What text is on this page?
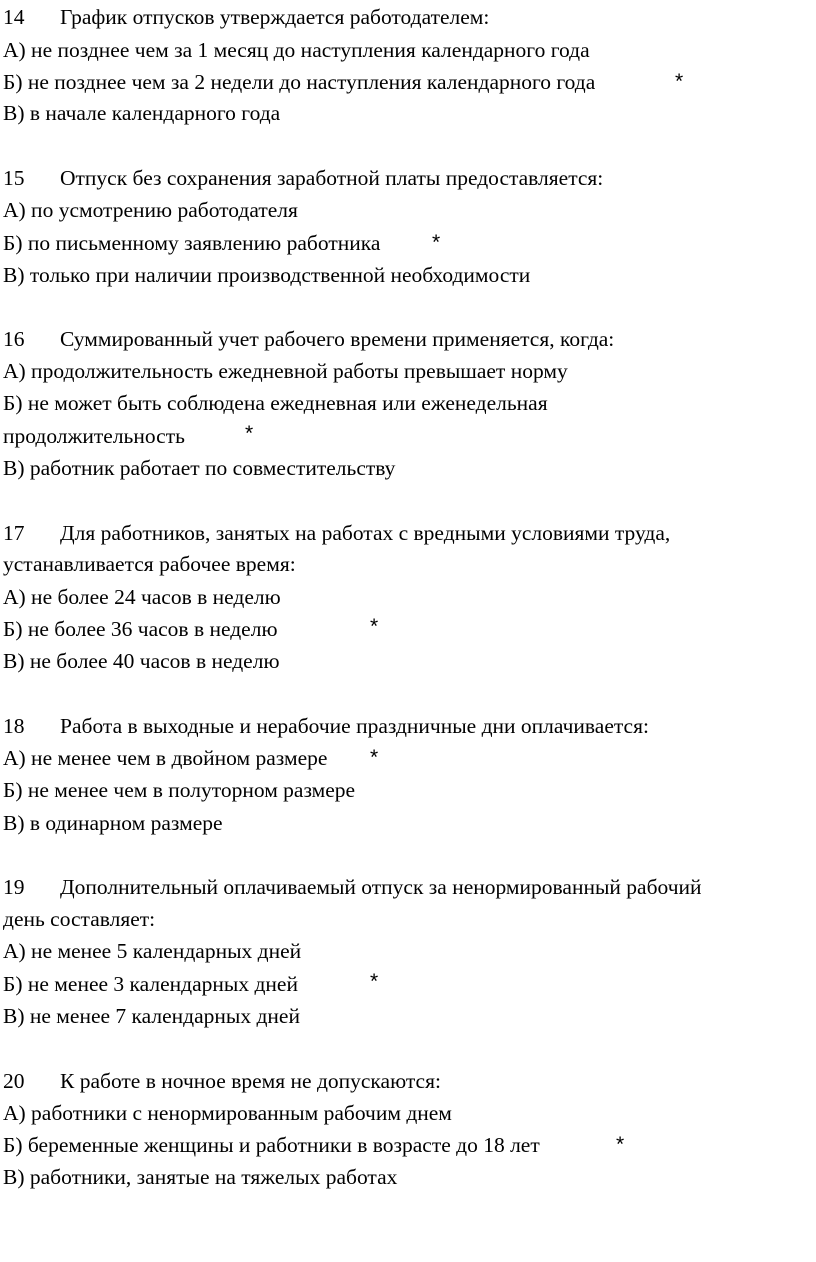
14 График отпусков утверждается работодателем:
А) не позднее чем за 1 месяц до наступления календарного года
Б) не позднее чем за 2 недели до наступления календарного года	*
В) в начале календарного года
15 Отпуск без сохранения заработной платы предоставляется:
А) по усмотрению работодателя
Б) по письменному заявлению работника *
В) только при наличии производственной необходимости
16 Суммированный учет рабочего времени применяется, когда:
А) продолжительность ежедневной работы превышает норму
Б) не может быть соблюдена ежедневная или еженедельная
продолжительность	*
В) работник работает по совместительству
17 Для работников, занятых на работах с вредными условиями труда,
устанавливается рабочее время:
А) не более 24 часов в неделю
Б) не более 36 часов в неделю	*
В) не более 40 часов в неделю
18 Работа в выходные и нерабочие праздничные дни оплачивается:
А) не менее чем в двойном размере *
Б) не менее чем в полуторном размере
В) в одинарном размере
19 Дополнительный оплачиваемый отпуск за ненормированный рабочий
день составляет:
А) не менее 5 календарных дней
Б) не менее 3 календарных дней	*
В) не менее 7 календарных дней
20 К работе в ночное время не допускаются:
А) работники с ненормированным рабочим днем
Б) беременные женщины и работники в возрасте до 18 лет	*
В) работники, занятые на тяжелых работах
